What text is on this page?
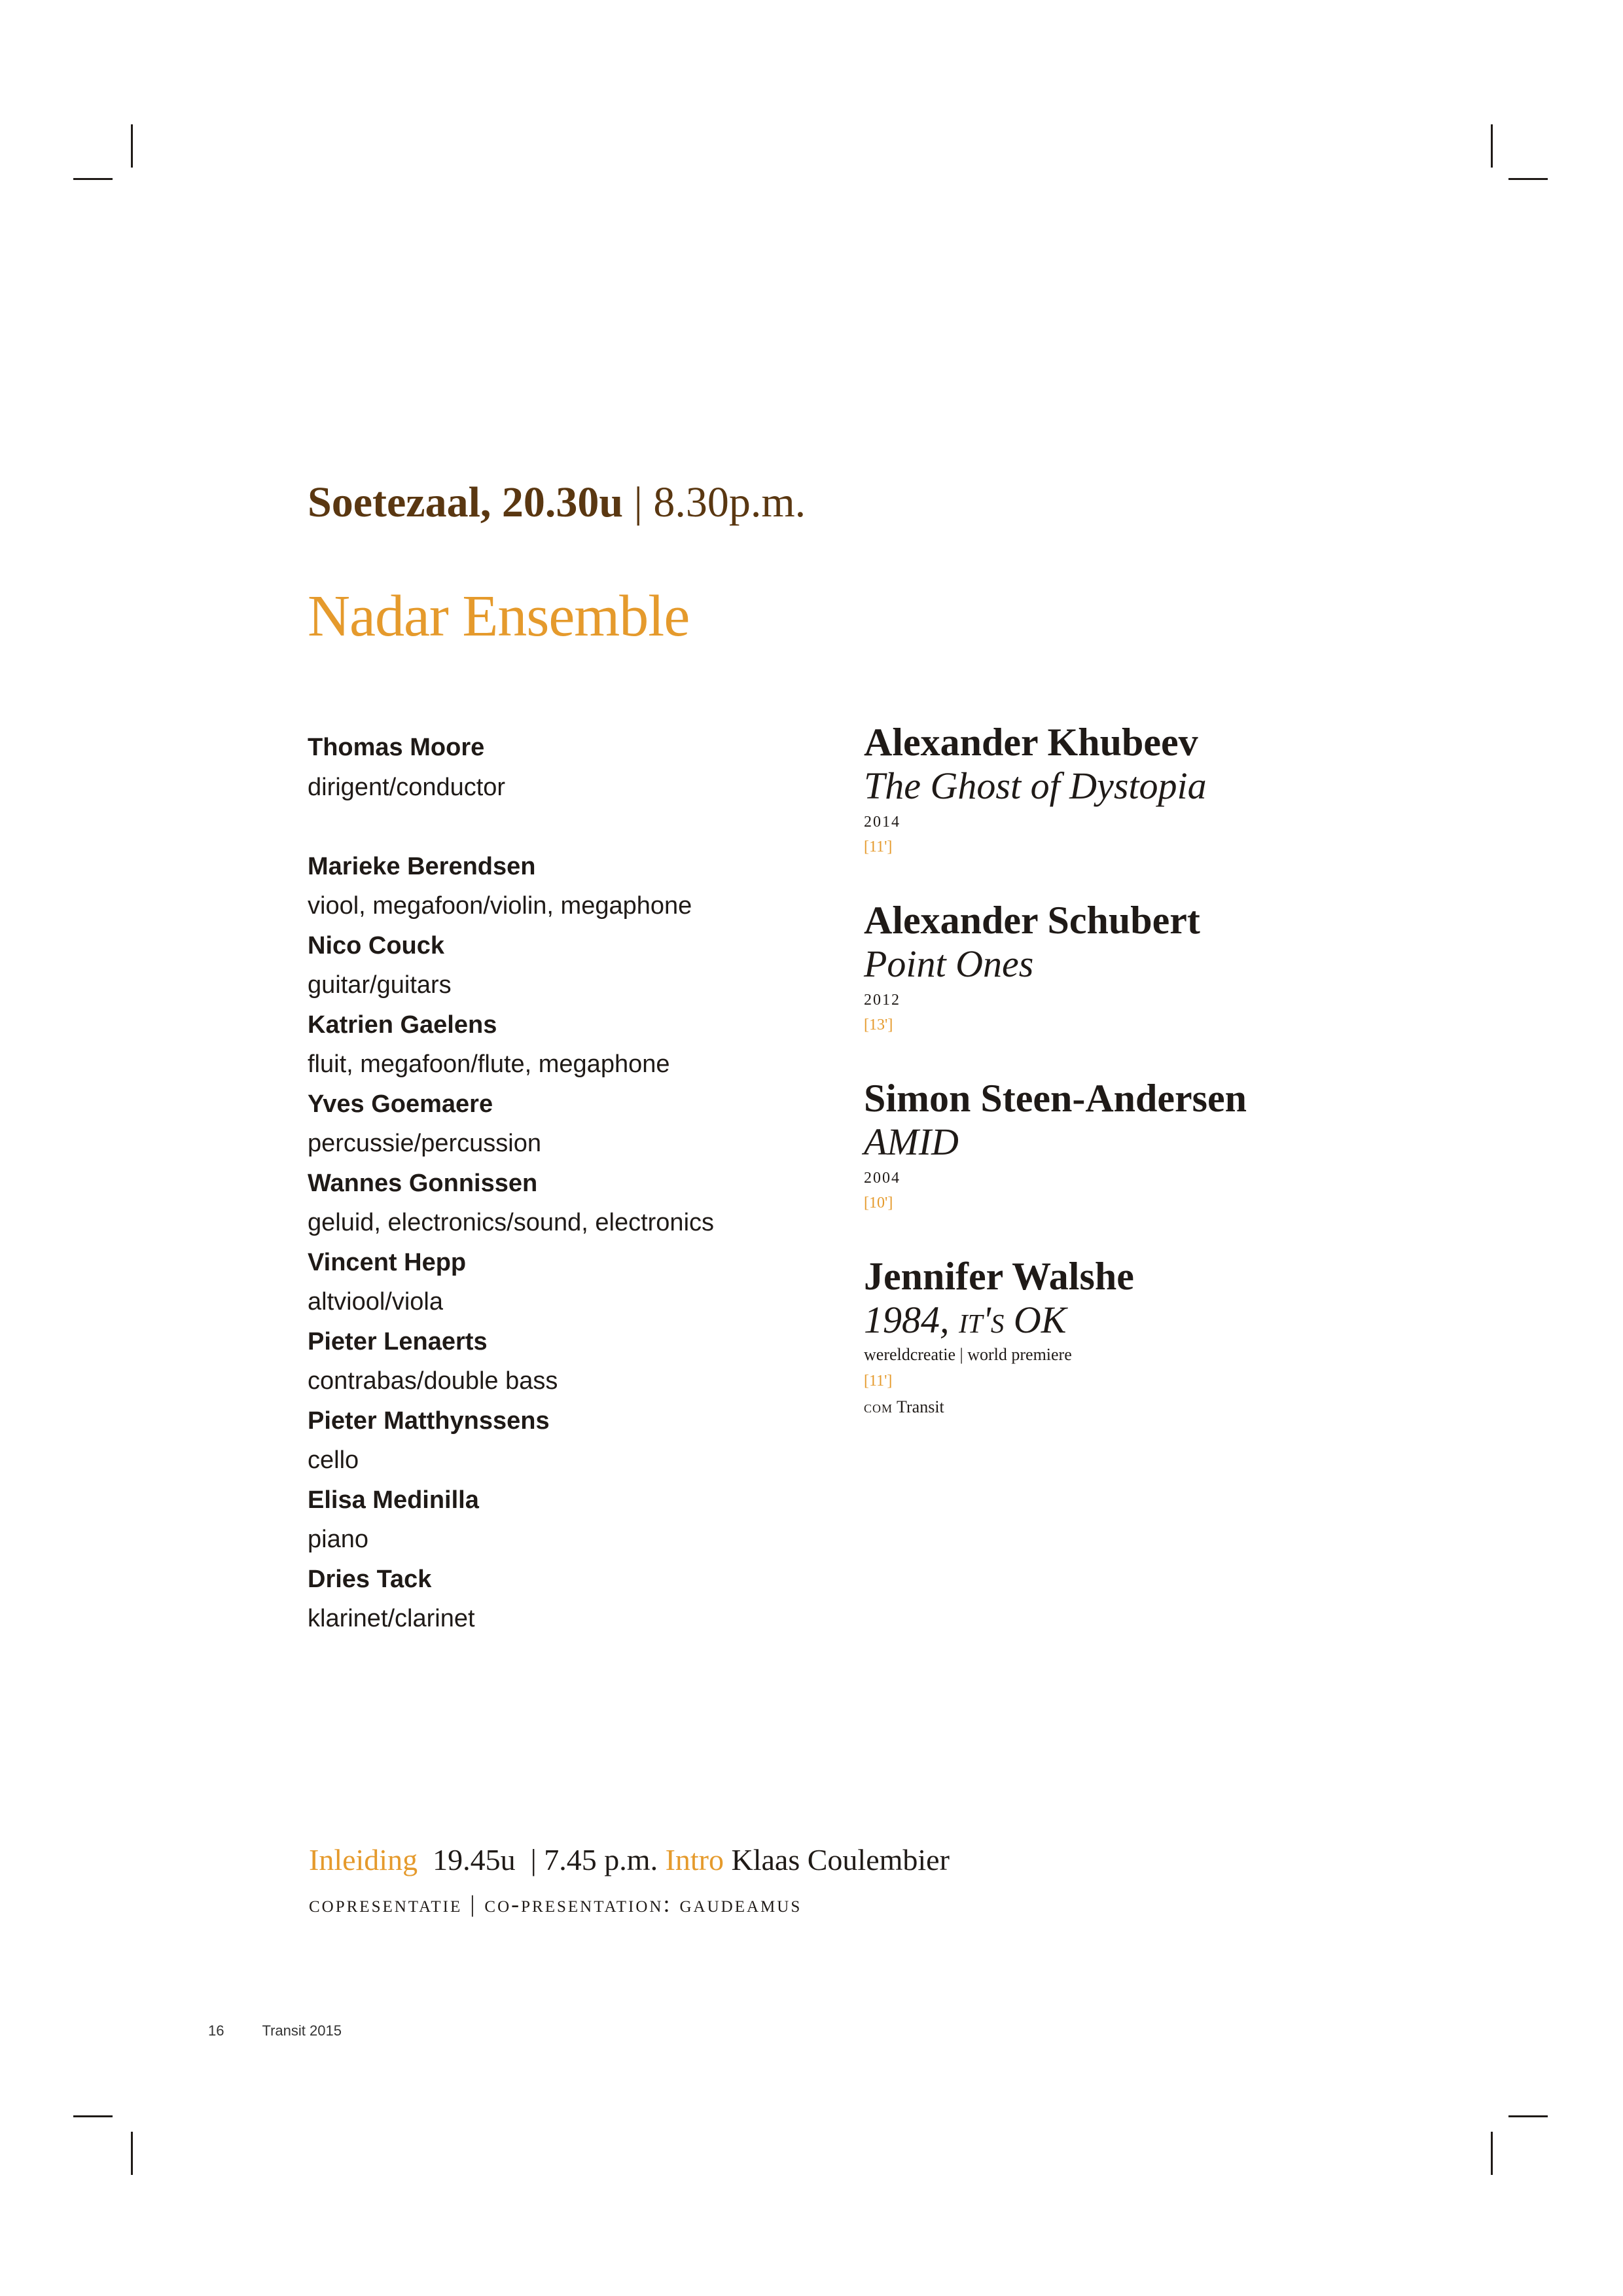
Soetezaal, 20.30u | 8.30p.m.
Nadar Ensemble
Thomas Moore
dirigent/conductor
Marieke Berendsen
viool, megafoon/violin, megaphone
Nico Couck
guitar/guitars
Katrien Gaelens
fluit, megafoon/flute, megaphone
Yves Goemaere
percussie/percussion
Wannes Gonnissen
geluid, electronics/sound, electronics
Vincent Hepp
altviool/viola
Pieter Lenaerts
contrabas/double bass
Pieter Matthynssens
cello
Elisa Medinilla
piano
Dries Tack
klarinet/clarinet
Alexander Khubeev
The Ghost of Dystopia
2014
[11']
Alexander Schubert
Point Ones
2012
[13']
Simon Steen-Andersen
AMID
2004
[10']
Jennifer Walshe
1984, it's OK
wereldcreatie | world premiere
[11']
com Transit

Inleiding 19.45u | 7.45 p.m. Intro Klaas Coulembier

copresentatie | co-presentation: gaudeamus

16	Transit 2015
